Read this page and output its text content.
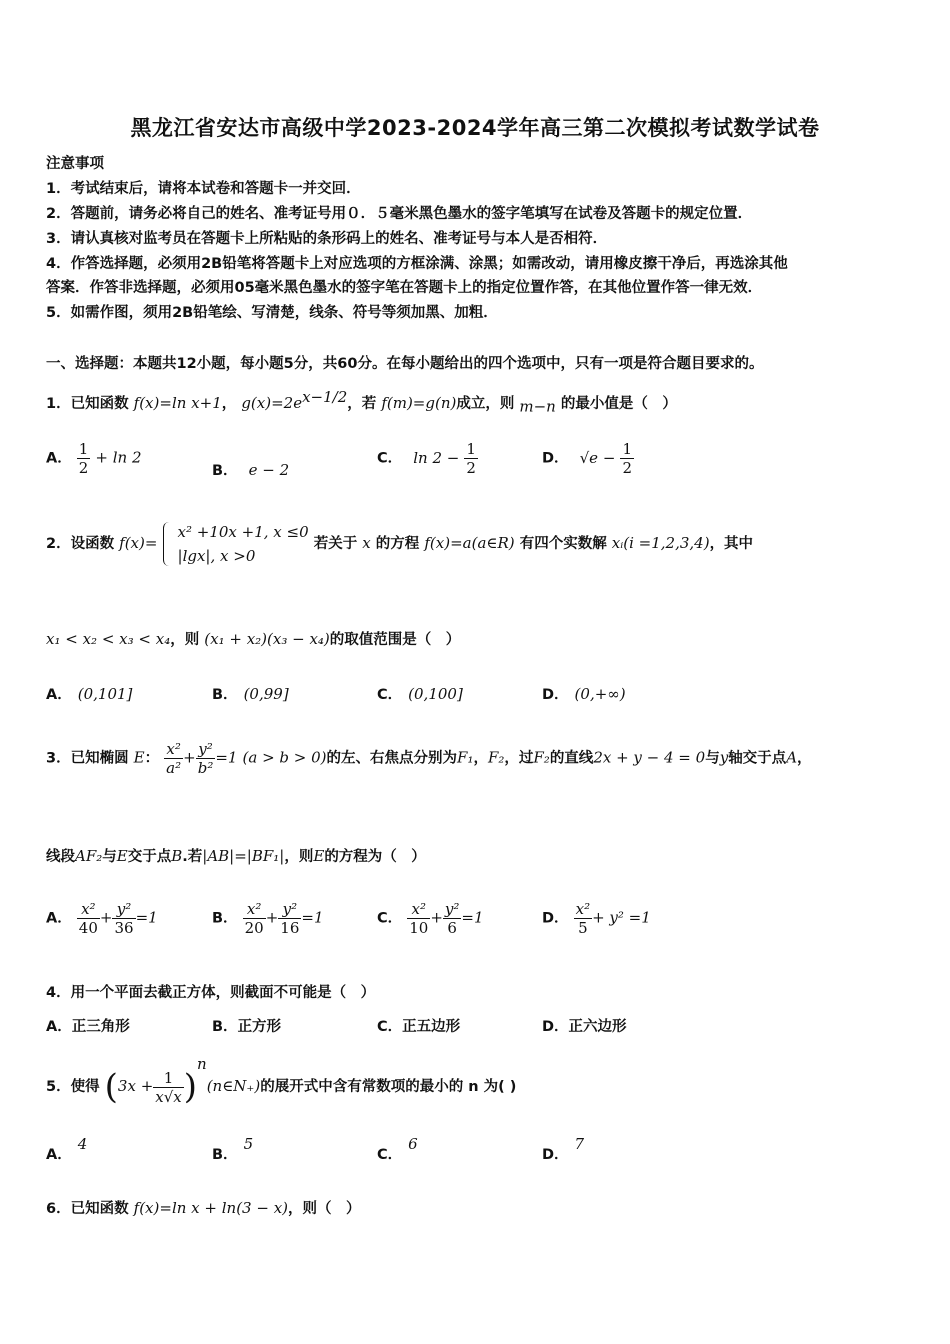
黑龙江省安达市高级中学2023-2024学年高三第二次模拟考试数学试卷
注意事项
1．考试结束后，请将本试卷和答题卡一并交回．
2．答题前，请务必将自己的姓名、准考证号用０．５毫米黑色墨水的签字笔填写在试卷及答题卡的规定位置．
3．请认真核对监考员在答题卡上所粘贴的条形码上的姓名、准考证号与本人是否相符．
4．作答选择题，必须用2B铅笔将答题卡上对应选项的方框涂满、涂黑；如需改动，请用橡皮擦干净后，再选涂其他
答案．作答非选择题，必须用05毫米黑色墨水的签字笔在答题卡上的指定位置作答，在其他位置作答一律无效．
5．如需作图，须用2B铅笔绘、写清楚，线条、符号等须加黑、加粗．
一、选择题：本题共12小题，每小题5分，共60分。在每小题给出的四个选项中，只有一项是符合题目要求的。
1．已知函数 f(x)=ln x+1， $g(x)=2e^{x-1/2}$，若 f(m)=g(n)成立，则 $_{m-n}$ 的最小值是（　）
A． $\frac{1}{2} + \ln 2$
B． e − 2
C． $\ln 2 - \frac{1}{2}$	D． $√e - \frac{1}{2}$
2．设函数 f(x)=
x² +10x +1, x ≤0
|lgx|, x >0
若关于 x 的方程 f(x)=a(a∈R) 有四个实数解 xᵢ(i =1,2,3,4)，其中
x₁ < x₂ < x₃ < x₄，则 (x₁ + x₂)(x₃ − x₄)的取值范围是（　）
A． (0,101]	B． (0,99]	C． (0,100]	D． (0,+∞)
3．已知椭圆 E： $\frac{\text{x²}}{\text{a²}} + \frac{\text{y²}}{\text{b²}} =1$ (a > b > 0)的左、右焦点分别为F₁，F₂，过F₂的直线2x + y − 4 = 0与y轴交于点A，
线段AF₂与E交于点B.若|AB|=|BF₁|，则E的方程为（　）
A． $\frac{\text{x²}}{40} + \frac{\text{y²}}{36} =1$	B． $\frac{\text{x²}}{20} + \frac{\text{y²}}{16} =1$	C． $\frac{\text{x²}}{10} + \frac{\text{y²}}{6} =1$	D． $\frac{\text{x²}}{5} + y^2 =1$
4．用一个平面去截正方体，则截面不可能是（　）
A．正三角形	B．正方形	C．正五边形	D．正六边形
5．使得 ($3x + \frac{1}{x√x}$ )$^n(n\in N_+)$的展开式中含有常数项的最小的 n 为( )
A．4
B．5
C．6
D．7
6．已知函数 f(x)=ln x + ln(3 − x)，则（　）
